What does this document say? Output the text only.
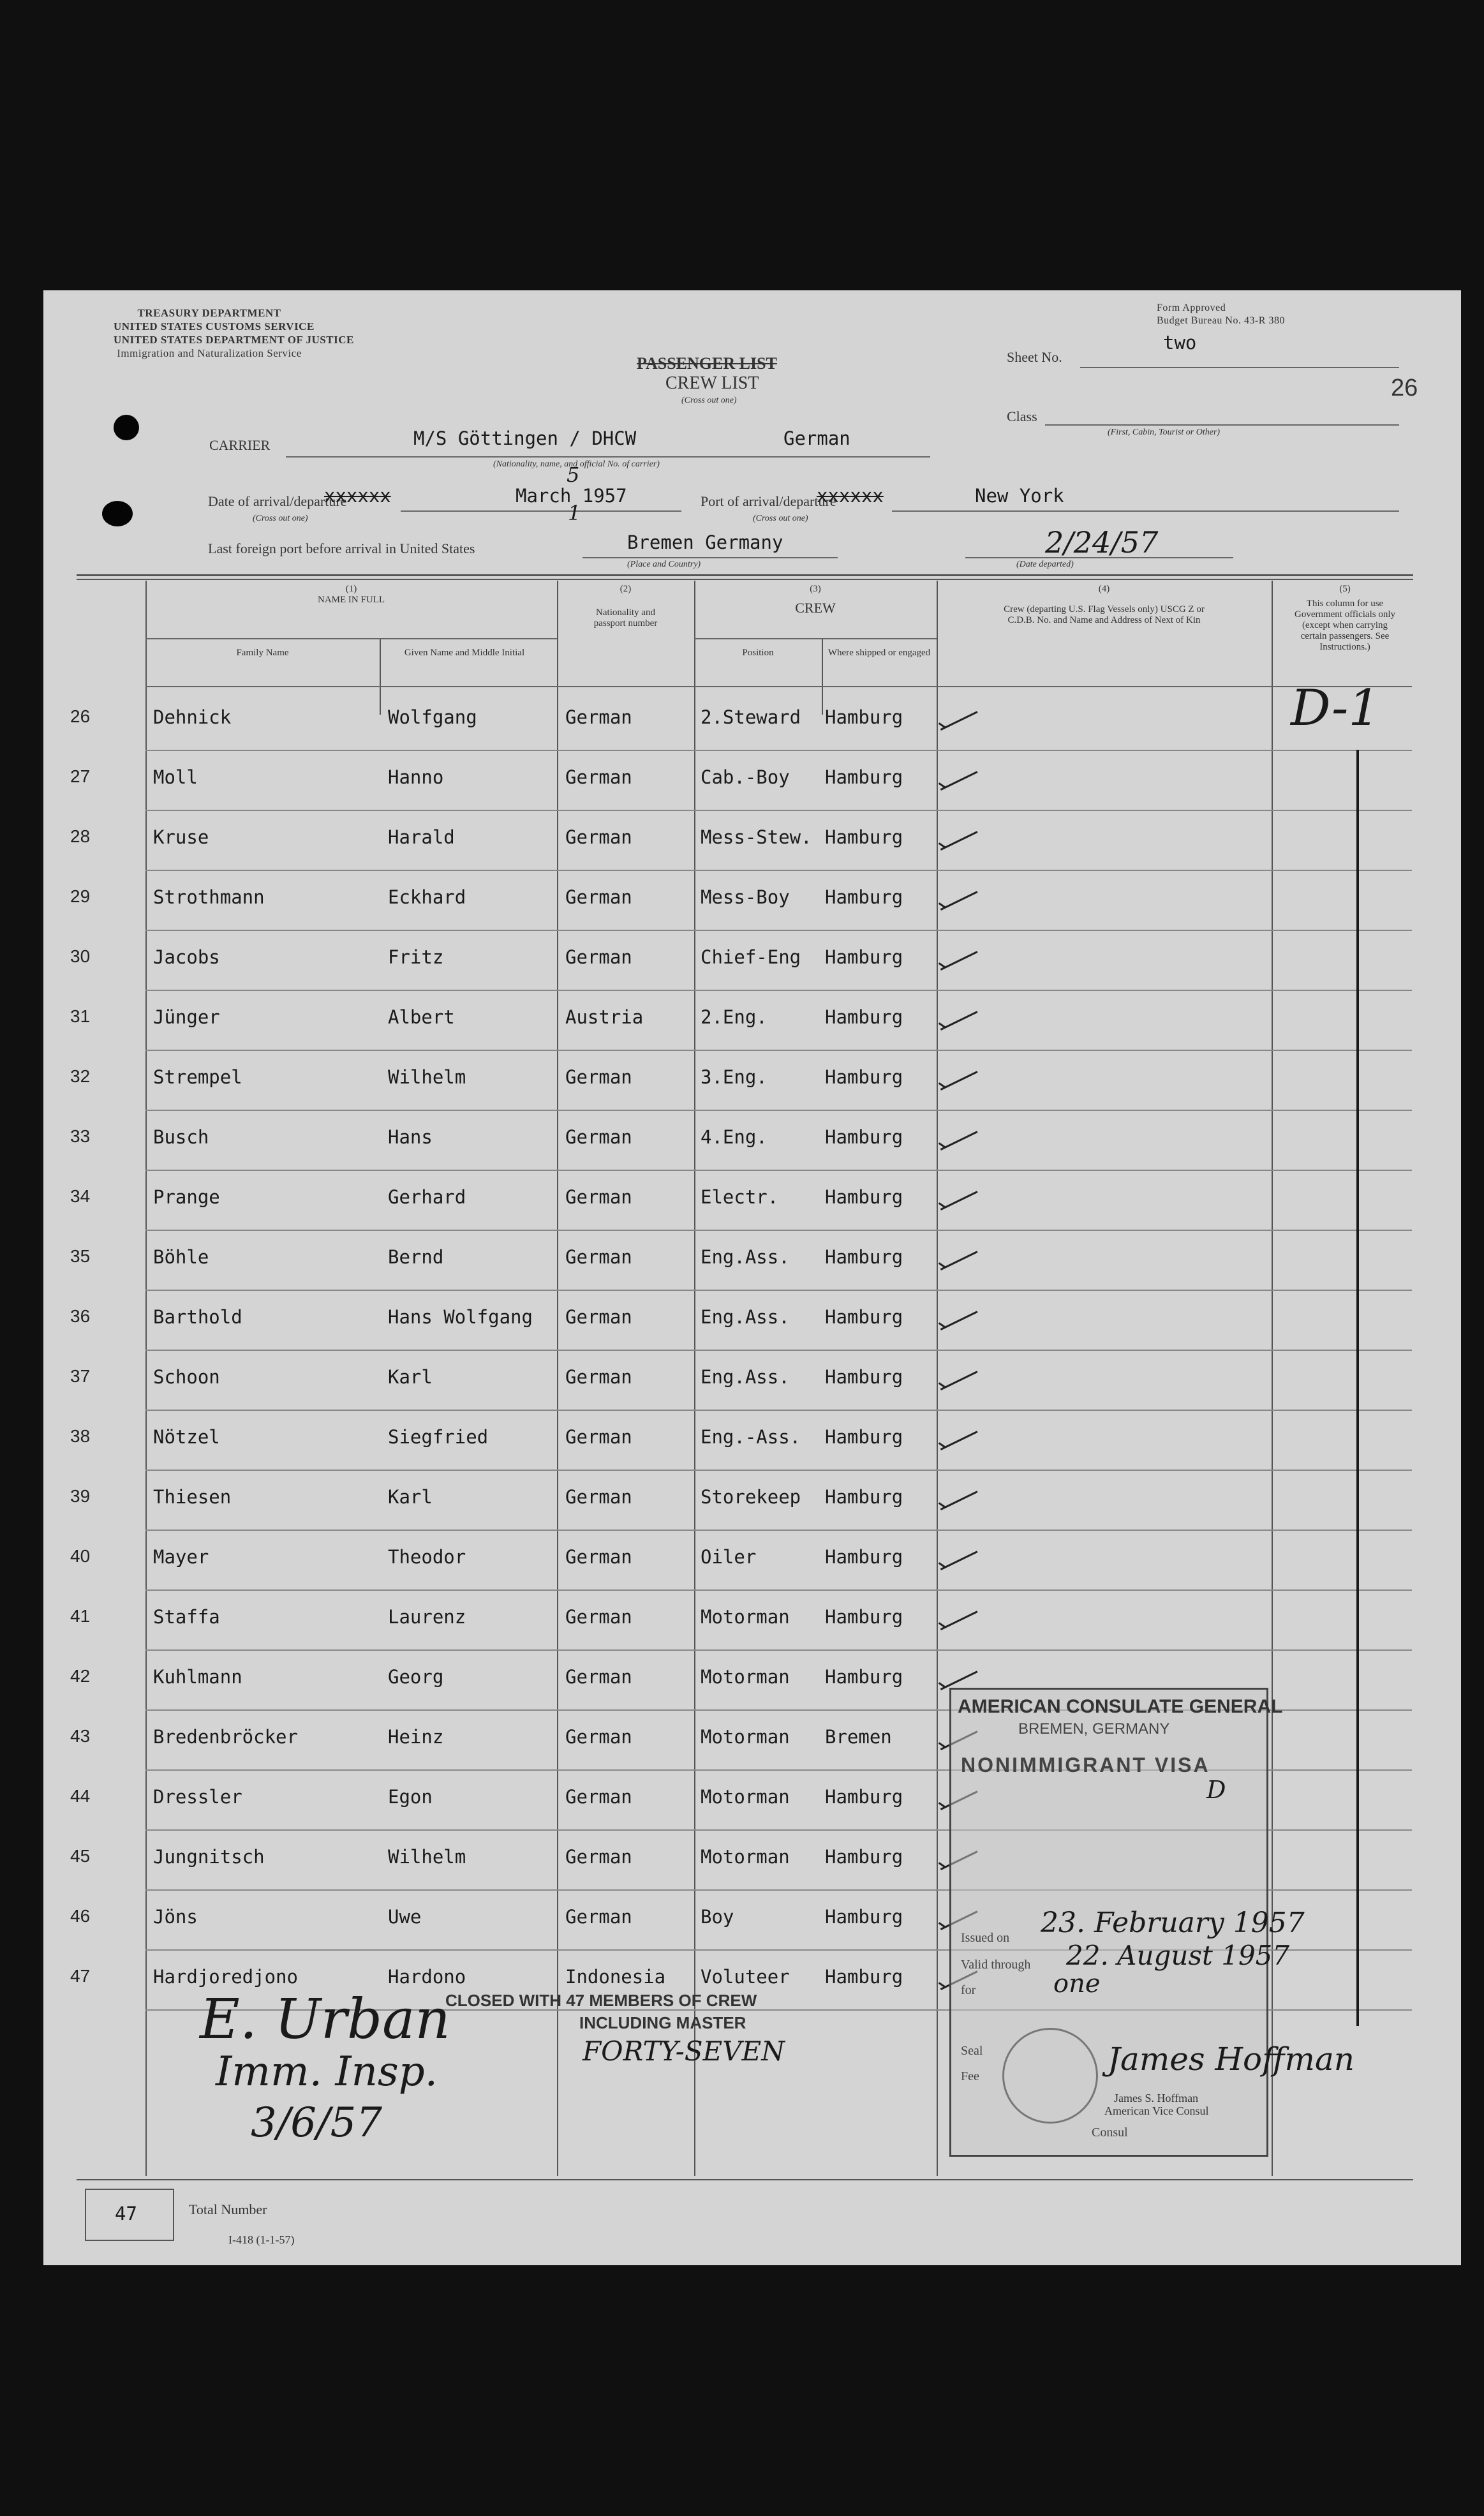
TREASURY DEPARTMENT
UNITED STATES CUSTOMS SERVICE
UNITED STATES DEPARTMENT OF JUSTICE
Immigration and Naturalization Service
Form Approved
Budget Bureau No. 43-R 380
PASSENGER LIST
CREW LIST
(Cross out one)
Sheet No.
two
26
Class
(First, Cabin, Tourist or Other)
CARRIER	M/S Göttingen / DHCW	German
(Nationality, name, and official No. of carrier)
Date of arrival/departure
xxxxxx
(Cross out one)
March 1957
5
1	Port of arrival/departure
xxxxxx
(Cross out one)
New York
Last foreign port before arrival in United States	Bremen Germany
(Place and Country)
2/24/57
(Date departed)
(1)
NAME IN FULL
Family Name	Given Name and Middle Initial
(2)
Nationality and passport number
(3)
CREW
Position	Where shipped or engaged
(4)
Crew (departing U.S. Flag Vessels only) USCG Z or C.D.B. No. and Name and Address of Next of Kin
(5)
This column for use Government officials only (except when carrying certain passengers. See Instructions.)
26	Dehnick	Wolfgang	German	2.Steward Hamburg
27	Moll	Hanno	German	Cab.-Boy Hamburg
28	Kruse	Harald	German	Mess-Stew. Hamburg
29	Strothmann	Eckhard	German	Mess-Boy Hamburg
30	Jacobs	Fritz	German	Chief-Eng Hamburg
31	Jünger	Albert	Austria	2.Eng.	Hamburg
32	Strempel	Wilhelm	German	3.Eng.	Hamburg
33	Busch	Hans	German	4.Eng.	Hamburg
34	Prange	Gerhard	German	Electr.	Hamburg
35	Böhle	Bernd	German	Eng.Ass. Hamburg
36	Barthold	Hans Wolfgang German	Eng.Ass. Hamburg
37	Schoon	Karl	German	Eng.Ass. Hamburg
38	Nötzel	Siegfried	German	Eng.-Ass. Hamburg
39	Thiesen	Karl	German	Storekeep Hamburg
40	Mayer	Theodor	German	Oiler	Hamburg
41	Staffa	Laurenz	German	Motorman Hamburg
42	Kuhlmann	Georg	German	Motorman Hamburg
43	Bredenbröcker	Heinz	German	Motorman Bremen
44	Dressler	Egon	German	Motorman Hamburg
45	Jungnitsch	Wilhelm	German	Motorman Hamburg
46	Jöns	Uwe	German	Boy	Hamburg
47	Hardjoredjono	Hardono	Indonesia Voluteer Hamburg
D-1
E. Urban
Imm. Insp.
3/6/57
CLOSED WITH 47 MEMBERS OF CREW
INCLUDING MASTER
FORTY-SEVEN
AMERICAN CONSULATE GENERAL
BREMEN, GERMANY
NONIMMIGRANT VISA
D
Issued on 23. February 1957
Valid through 22. August 1957
for	one
Seal
Fee	James Hoffman
James S. Hoffman
American Vice Consul
Consul
47	Total Number
I-418 (1-1-57)
